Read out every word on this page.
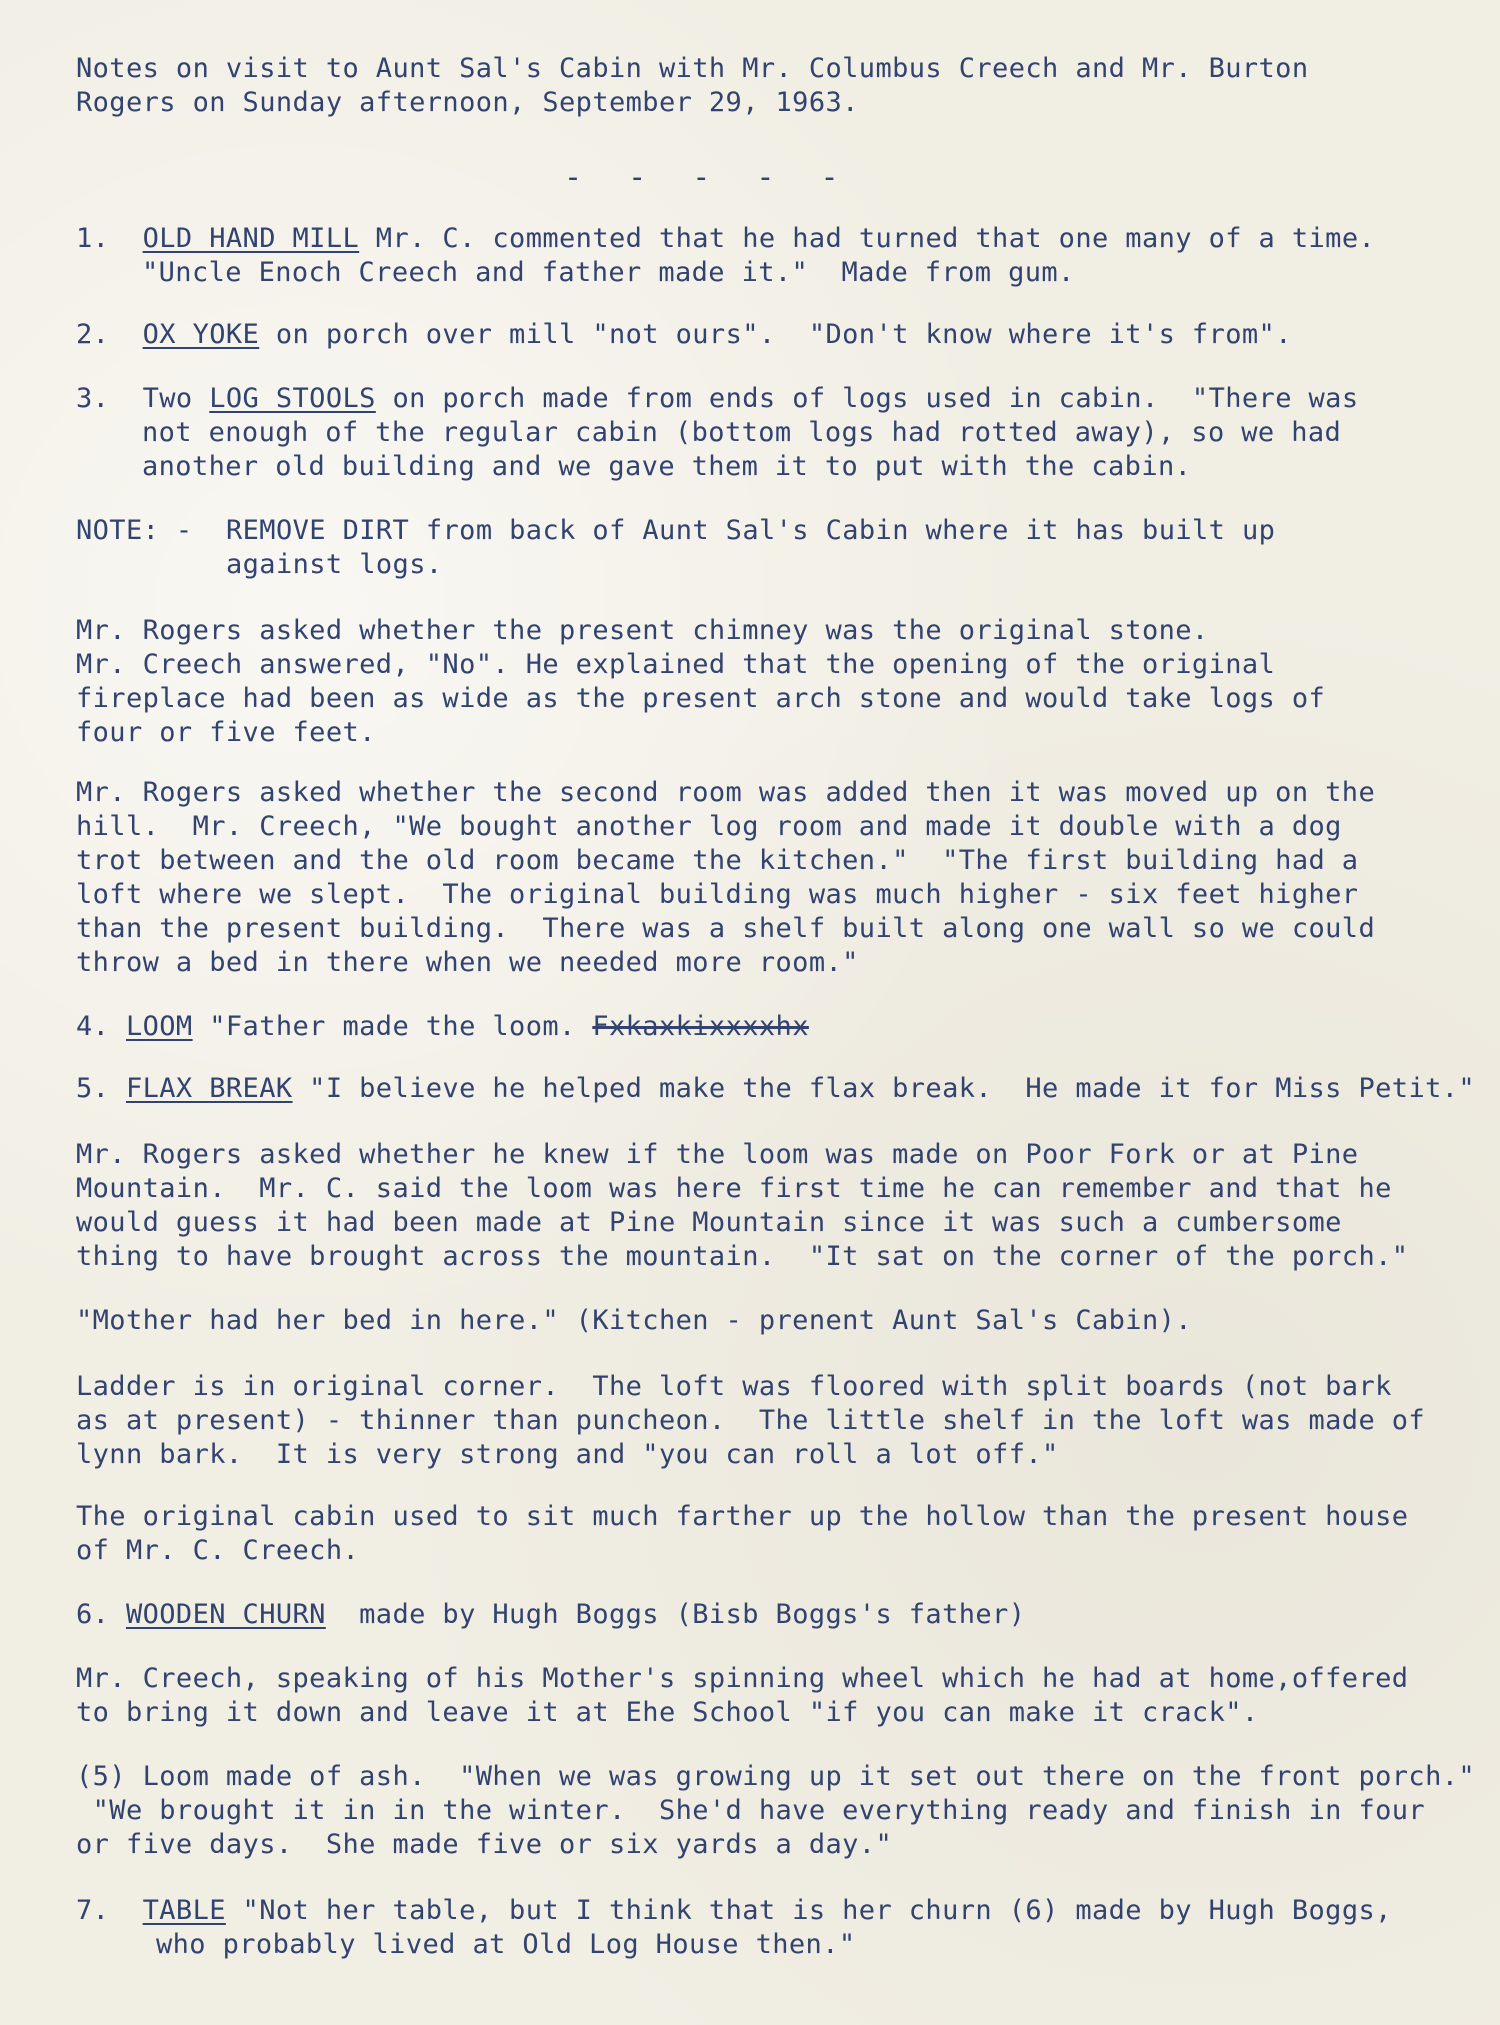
Notes on visit to Aunt Sal's Cabin with Mr. Columbus Creech and Mr. Burton
Rogers on Sunday afternoon, September 29, 1963.
- - - - -
1. OLD HAND MILL Mr. C. commented that he had turned that one many of a time.
"Uncle Enoch Creech and father made it."  Made from gum.
2. OX YOKE on porch over mill "not ours".  "Don't know where it's from".
3. Two LOG STOOLS on porch made from ends of logs used in cabin.  "There was
not enough of the regular cabin (bottom logs had rotted away), so we had
another old building and we gave them it to put with the cabin.
NOTE: - REMOVE DIRT from back of Aunt Sal's Cabin where it has built up
against logs.
Mr. Rogers asked whether the present chimney was the original stone.
Mr. Creech answered, "No". He explained that the opening of the original
fireplace had been as wide as the present arch stone and would take logs of
four or five feet.
Mr. Rogers asked whether the second room was added then it was moved up on the
hill.  Mr. Creech, "We bought another log room and made it double with a dog
trot between and the old room became the kitchen."  "The first building had a
loft where we slept.  The original building was much higher - six feet higher
than the present building.  There was a shelf built along one wall so we could
throw a bed in there when we needed more room."
4. LOOM "Father made the loom. Fxkaxkixxxxhx
5. FLAX BREAK "I believe he helped make the flax break.  He made it for Miss Petit."
Mr. Rogers asked whether he knew if the loom was made on Poor Fork or at Pine
Mountain.  Mr. C. said the loom was here first time he can remember and that he
would guess it had been made at Pine Mountain since it was such a cumbersome
thing to have brought across the mountain.  "It sat on the corner of the porch."
"Mother had her bed in here." (Kitchen - prenent Aunt Sal's Cabin).
Ladder is in original corner.  The loft was floored with split boards (not bark
as at present) - thinner than puncheon.  The little shelf in the loft was made of
lynn bark.  It is very strong and "you can roll a lot off."
The original cabin used to sit much farther up the hollow than the present house
of Mr. C. Creech.
6. WOODEN CHURN  made by Hugh Boggs (Bisb Boggs's father)
Mr. Creech, speaking of his Mother's spinning wheel which he had at home,offered
to bring it down and leave it at Ehe School "if you can make it crack".
(5) Loom made of ash.  "When we was growing up it set out there on the front porch."
"We brought it in in the winter.  She'd have everything ready and finish in four
or five days.  She made five or six yards a day."
7. TABLE "Not her table, but I think that is her churn (6) made by Hugh Boggs,
who probably lived at Old Log House then."
